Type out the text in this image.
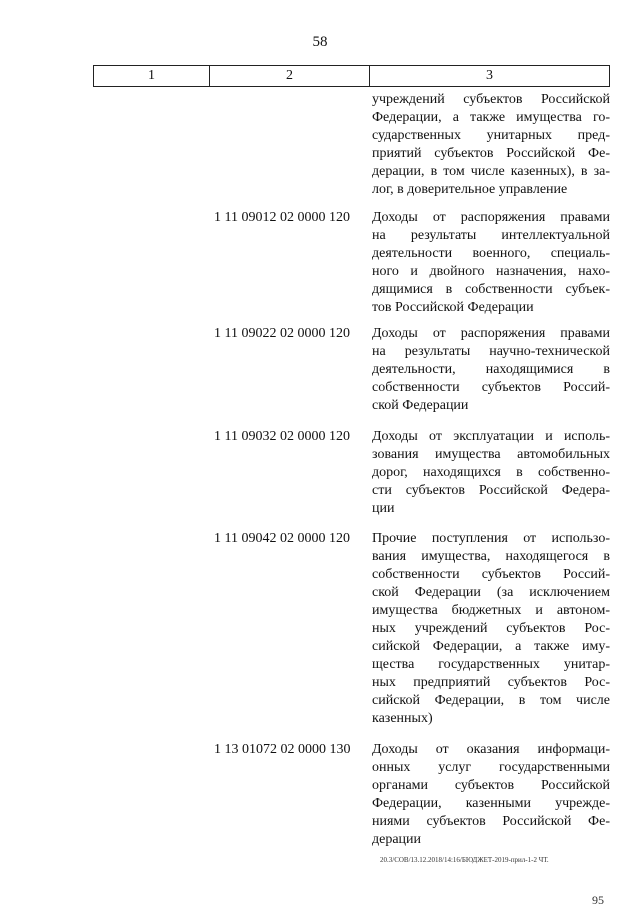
58
1	2	3
учреждений субъектов Российской
Федерации, а также имущества го-
сударственных унитарных пред-
приятий субъектов Российской Фе-
дерации, в том числе казенных), в за-
лог, в доверительное управление
1 11 09012 02 0000 120 Доходы от распоряжения правами
на результаты интеллектуальной
деятельности военного, специаль-
ного и двойного назначения, нахо-
дящимися в собственности субъек-
тов Российской Федерации
1 11 09022 02 0000 120 Доходы от распоряжения правами
на результаты научно-технической
деятельности, находящимися в
собственности субъектов Россий-
ской Федерации
1 11 09032 02 0000 120 Доходы от эксплуатации и исполь-
зования имущества автомобильных
дорог, находящихся в собственно-
сти субъектов Российской Федера-
ции
1 11 09042 02 0000 120 Прочие поступления от использо-
вания имущества, находящегося в
собственности субъектов Россий-
ской Федерации (за исключением
имущества бюджетных и автоном-
ных учреждений субъектов Рос-
сийской Федерации, а также иму-
щества государственных унитар-
ных предприятий субъектов Рос-
сийской Федерации, в том числе
казенных)
1 13 01072 02 0000 130 Доходы от оказания информаци-
онных услуг государственными
органами субъектов Российской
Федерации, казенными учрежде-
ниями субъектов Российской Фе-
дерации
20.3/СОВ/13.12.2018/14:16/БЮДЖЕТ-2019-прил-1-2 ЧТ.
95
